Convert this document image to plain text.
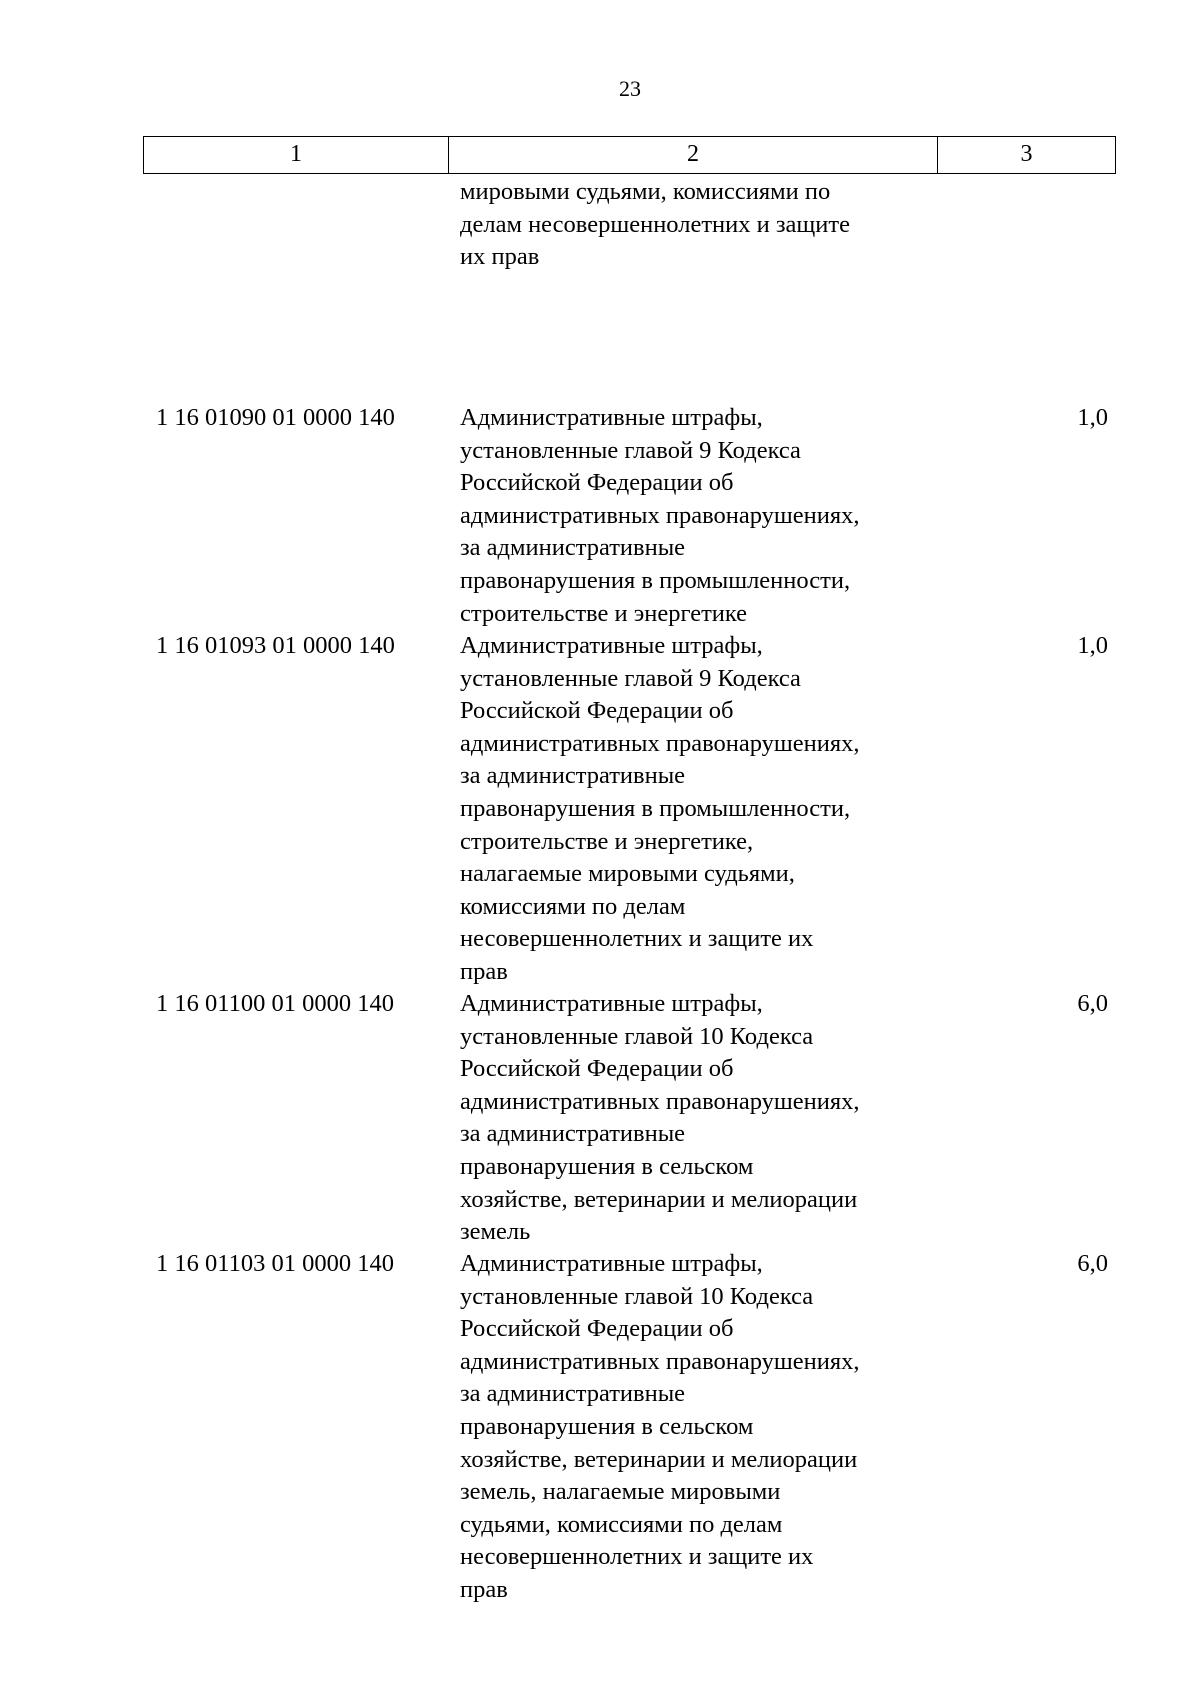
23
1	2	3
мировыми судьями, комиссиями по
делам несовершеннолетних и защите
их прав
1 16 01090 01 0000 140	Административные штрафы,
установленные главой 9 Кодекса
Российской Федерации об
административных правонарушениях,
за административные
правонарушения в промышленности,
строительстве и энергетике
1,0
1 16 01093 01 0000 140	Административные штрафы,
установленные главой 9 Кодекса
Российской Федерации об
административных правонарушениях,
за административные
правонарушения в промышленности,
строительстве и энергетике,
налагаемые мировыми судьями,
комиссиями по делам
несовершеннолетних и защите их
прав
1,0
1 16 01100 01 0000 140	Административные штрафы,
установленные главой 10 Кодекса
Российской Федерации об
административных правонарушениях,
за административные
правонарушения в сельском
хозяйстве, ветеринарии и мелиорации
земель
6,0
1 16 01103 01 0000 140	Административные штрафы,
установленные главой 10 Кодекса
Российской Федерации об
административных правонарушениях,
за административные
правонарушения в сельском
хозяйстве, ветеринарии и мелиорации
земель, налагаемые мировыми
судьями, комиссиями по делам
несовершеннолетних и защите их
прав
6,0
